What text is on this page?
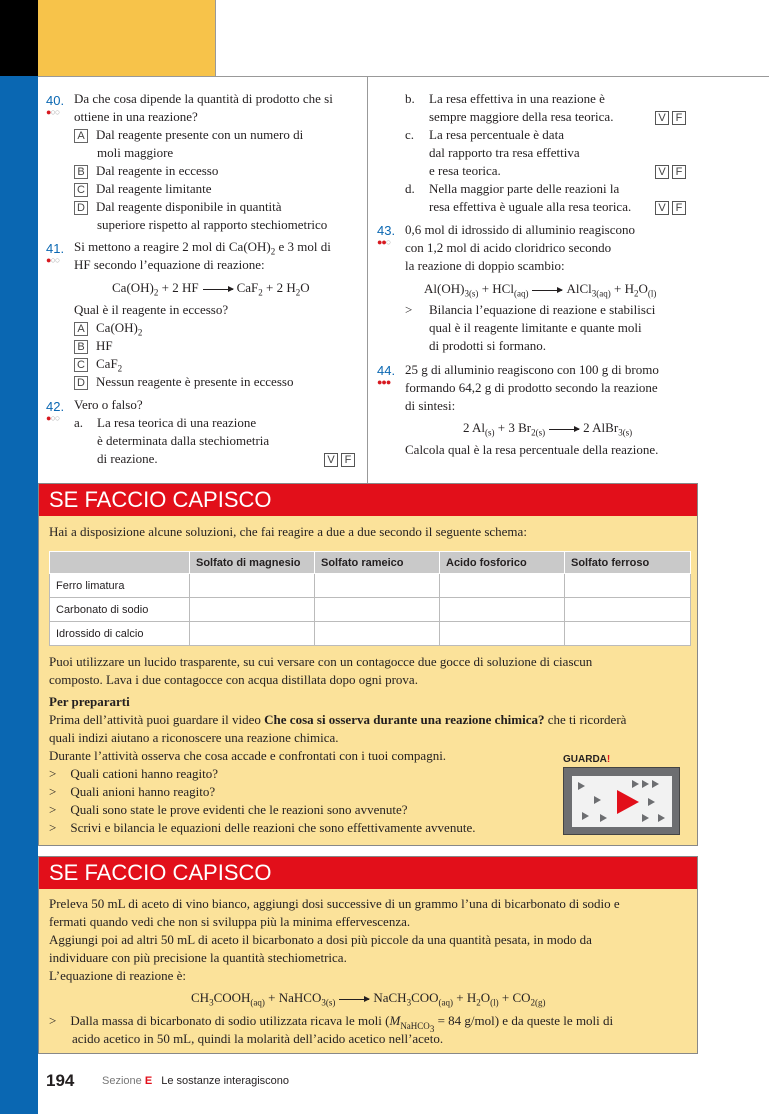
40.
●○○
Da che cosa dipende la quantità di prodotto che si
ottiene in una reazione?
A Dal reagente presente con un numero di
moli maggiore
B Dal reagente in eccesso
C Dal reagente limitante
D Dal reagente disponibile in quantità
superiore rispetto al rapporto stechiometrico
41.
●○○
Si mettono a reagire 2 mol di $Ca(OH)_2$ e 3 mol di
HF secondo l’equazione di reazione:
$Ca(OH)_2 + 2$ HF → CaF$_2$ + 2 $H_2O$
Qual è il reagente in eccesso?
A $Ca(OH)_2$
B HF
C CaF$_2$
D Nessun reagente è presente in eccesso
42.
●○○
Vero o falso?
a. La resa teorica di una reazione
è determinata dalla stechiometria
di reazione.	V F
b. La resa effettiva in una reazione è
sempre maggiore della resa teorica.	V F
c. La resa percentuale è data
dal rapporto tra resa effettiva
e resa teorica.	V F
d. Nella maggior parte delle reazioni la
resa effettiva è uguale alla resa teorica.	V F
43.
●●○
0,6 mol di idrossido di alluminio reagiscono
con 1,2 mol di acido cloridrico secondo
la reazione di doppio scambio:
$Al(OH)_{3(s)} + HCl_{(aq)}$ → AlCl$_{3(aq)}$ + $H_2O_{(l)}$
> Bilancia l’equazione di reazione e stabilisci
qual è il reagente limitante e quante moli
di prodotti si formano.
44.
●●●
25 g di alluminio reagiscono con 100 g di bromo
formando 64,2 g di prodotto secondo la reazione
di sintesi:
2 $Al_{(s)} + 3$ $Br_{2(s)} \to 2$ AlBr$_{3(s)}$
Calcola qual è la resa percentuale della reazione.
SE FACCIO CAPISCO
Hai a disposizione alcune soluzioni, che fai reagire a due a due secondo il seguente schema:
	Solfato di magnesio	Solfato rameico	Acido fosforico	Solfato ferroso
Ferro limatura				
Carbonato di sodio				
Idrossido di calcio				
Puoi utilizzare un lucido trasparente, su cui versare con un contagocce due gocce di soluzione di ciascun
composto. Lava i due contagocce con acqua distillata dopo ogni prova.
Per prepararti
Prima dell’attività puoi guardare il video Che cosa si osserva durante una reazione chimica? che ti ricorderà
quali indizi aiutano a riconoscere una reazione chimica.
Durante l’attività osserva che cosa accade e confrontati con i tuoi compagni.
> Quali cationi hanno reagito?
> Quali anioni hanno reagito?
> Quali sono state le prove evidenti che le reazioni sono avvenute?
> Scrivi e bilancia le equazioni delle reazioni che sono effettivamente avvenute.
GUARDA!
SE FACCIO CAPISCO
Preleva 50 mL di aceto di vino bianco, aggiungi dosi successive di un grammo l’una di bicarbonato di sodio e
fermati quando vedi che non si sviluppa più la minima effervescenza.
Aggiungi poi ad altri 50 mL di aceto il bicarbonato a dosi più piccole da una quantità pesata, in modo da
individuare con più precisione la quantità stechiometrica.
L’equazione di reazione è:
$CH_3COOH_{(aq)}$ + NaHCO$_{3(s)}$ → $NaCH_3COO_{(aq)} + H_2O_{(l)} + CO_{2(g)}$
> Dalla massa di bicarbonato di sodio utilizzata ricava le moli ($M_{NaHCO_3} = 84$ g/mol) e da queste le moli di
acido acetico in 50 mL, quindi la molarità dell’acido acetico nell’aceto.
194	Sezione E Le sostanze interagiscono
